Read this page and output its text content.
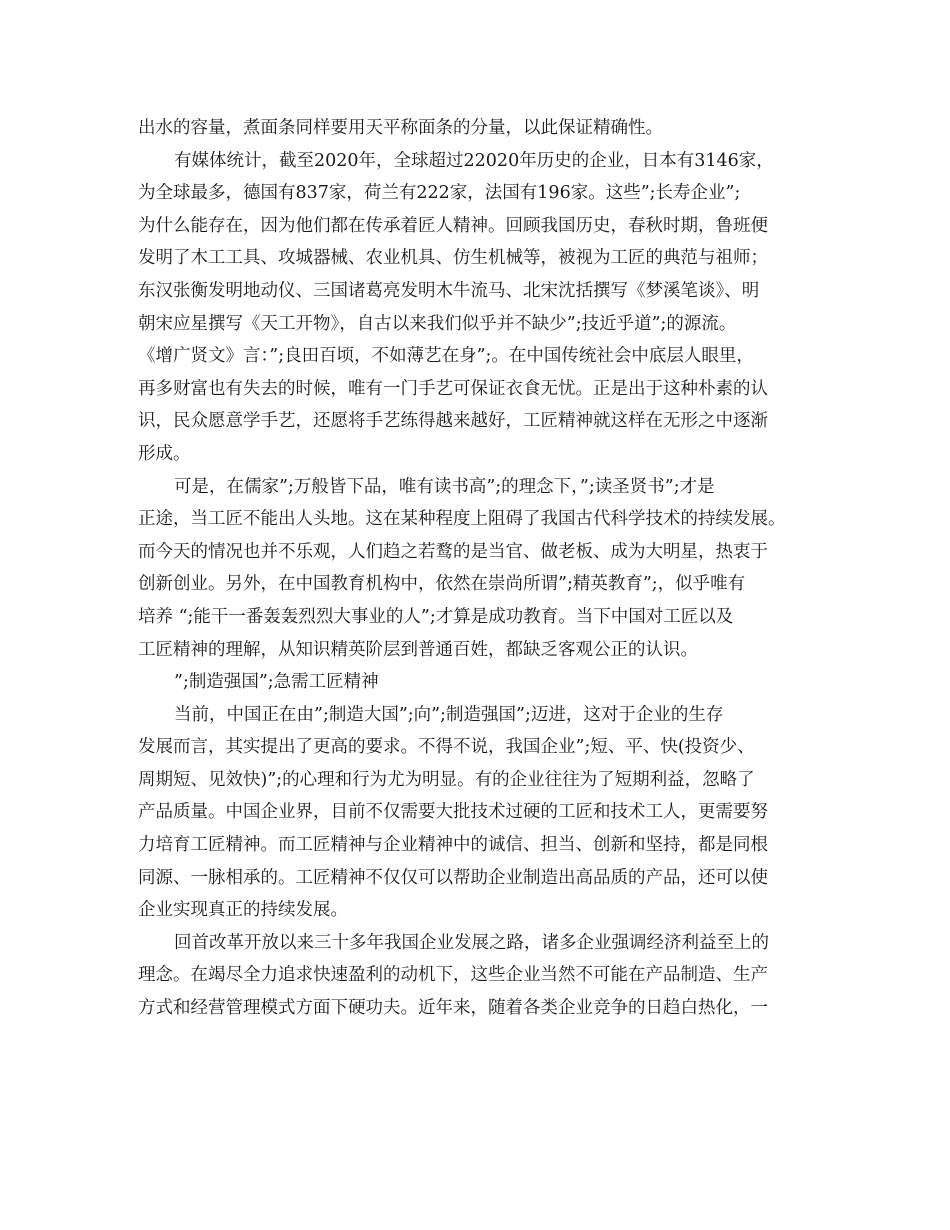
出水的容量，煮面条同样要用天平称面条的分量，以此保证精确性。
有媒体统计，截至2020年，全球超过22020年历史的企业，日本有3146家，
为全球最多，德国有837家，荷兰有222家，法国有196家。这些”;长寿企业”;
为什么能存在，因为他们都在传承着匠人精神。回顾我国历史，春秋时期，鲁班便
发明了木工工具、攻城器械、农业机具、仿生机械等，被视为工匠的典范与祖师；
东汉张衡发明地动仪、三国诸葛亮发明木牛流马、北宋沈括撰写《梦溪笔谈》、明
朝宋应星撰写《天工开物》，自古以来我们似乎并不缺少”;技近乎道”;的源流。
《增广贤文》言：”;良田百顷，不如薄艺在身”;。在中国传统社会中底层人眼里，
再多财富也有失去的时候，唯有一门手艺可保证衣食无忧。正是出于这种朴素的认
识，民众愿意学手艺，还愿将手艺练得越来越好，工匠精神就这样在无形之中逐渐
形成。
可是，在儒家”;万般皆下品，唯有读书高”;的理念下，”;读圣贤书”;才是
正途，当工匠不能出人头地。这在某种程度上阻碍了我国古代科学技术的持续发展。
而今天的情况也并不乐观，人们趋之若鹜的是当官、做老板、成为大明星，热衷于
创新创业。另外，在中国教育机构中，依然在崇尚所谓”;精英教育”;，似乎唯有
培养 “;能干一番轰轰烈烈大事业的人”;才算是成功教育。当下中国对工匠以及
工匠精神的理解，从知识精英阶层到普通百姓，都缺乏客观公正的认识。
”;制造强国”;急需工匠精神
当前，中国正在由”;制造大国”;向”;制造强国”;迈进，这对于企业的生存
发展而言，其实提出了更高的要求。不得不说，我国企业”;短、平、快(投资少、
周期短、见效快)”;的心理和行为尤为明显。有的企业往往为了短期利益，忽略了
产品质量。中国企业界，目前不仅需要大批技术过硬的工匠和技术工人，更需要努
力培育工匠精神。而工匠精神与企业精神中的诚信、担当、创新和坚持，都是同根
同源、一脉相承的。工匠精神不仅仅可以帮助企业制造出高品质的产品，还可以使
企业实现真正的持续发展。
回首改革开放以来三十多年我国企业发展之路，诸多企业强调经济利益至上的
理念。在竭尽全力追求快速盈利的动机下，这些企业当然不可能在产品制造、生产
方式和经营管理模式方面下硬功夫。近年来，随着各类企业竞争的日趋白热化，一
